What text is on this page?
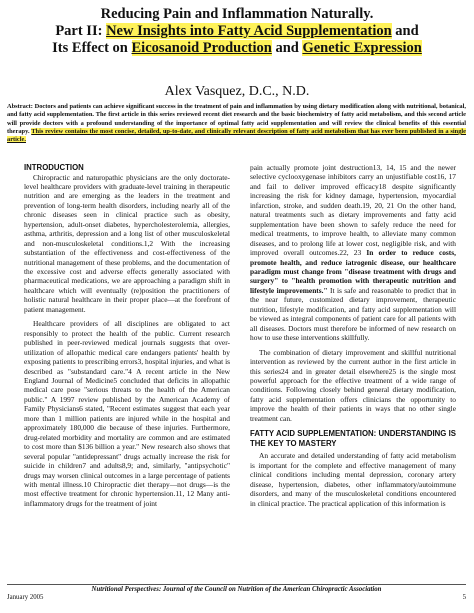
Reducing Pain and Inflammation Naturally.
Part II: New Insights into Fatty Acid Supplementation and
Its Effect on Eicosanoid Production and Genetic Expression
Alex Vasquez, D.C., N.D.
Abstract: Doctors and patients can achieve significant success in the treatment of pain and inflammation by using dietary modification along with nutritional, botanical, and fatty acid supplementation. The first article in this series reviewed recent diet research and the basic biochemistry of fatty acid metabolism, and this second article will provide doctors with a profound understanding of the importance of optimal fatty acid supplementation and will review the clinical benefits of this essential therapy. This review contains the most concise, detailed, up-to-date, and clinically relevant description of fatty acid metabolism that has ever been published in a single article.
INTRODUCTION

Chiropractic and naturopathic physicians are the only doctorate-level healthcare providers with graduate-level training in therapeutic nutrition and are emerging as the leaders in the treatment and prevention of long-term health disorders, including nearly all of the chronic diseases seen in clinical practice such as obesity, hypertension, adult-onset diabetes, hypercholesterolemia, allergies, asthma, arthritis, depression and a long list of other musculoskeletal and non-musculoskeletal conditions.1,2 With the increasing substantiation of the effectiveness and cost-effectiveness of the nutritional management of these problems, and the documentation of the excessive cost and adverse effects generally associated with pharmaceutical medications, we are approaching a paradigm shift in healthcare which will eventually (re)position the practitioners of holistic natural healthcare in their proper place—at the forefront of patient management.

Healthcare providers of all disciplines are obligated to act responsibly to protect the health of the public. Current research published in peer-reviewed medical journals suggests that over-utilization of allopathic medical care endangers patients' health by exposing patients to prescribing errors3, hospital injuries, and what is described as "substandard care."4 A recent article in the New England Journal of Medicine5 concluded that deficits in allopathic medical care pose "serious threats to the health of the American public." A 1997 review published by the American Academy of Family Physicians6 stated, "Recent estimates suggest that each year more than 1 million patients are injured while in the hospital and approximately 180,000 die because of these injuries. Furthermore, drug-related morbidity and mortality are common and are estimated to cost more than $136 billion a year." New research also shows that several popular "antidepressant" drugs actually increase the risk for suicide in children7 and adults8,9; and, similarly, "antipsychotic" drugs may worsen clinical outcomes in a large percentage of patients with mental illness.10 Chiropractic diet therapy—not drugs—is the most effective treatment for chronic hypertension.11, 12 Many anti-inflammatory drugs for the treatment of joint

pain actually promote joint destruction13, 14, 15 and the newer selective cyclooxygenase inhibitors carry an unjustifiable cost16, 17 and fail to deliver improved efficacy18 despite significantly increasing the risk for kidney damage, hypertension, myocardial infarction, stroke, and sudden death.19, 20, 21 On the other hand, natural treatments such as dietary improvements and fatty acid supplementation have been shown to safely reduce the need for medical treatments, to improve health, to alleviate many common diseases, and to prolong life at lower cost, negligible risk, and with improved overall outcomes.22, 23 In order to reduce costs, promote health, and reduce iatrogenic disease, our healthcare paradigm must change from "disease treatment with drugs and surgery" to "health promotion with therapeutic nutrition and lifestyle improvements." It is safe and reasonable to predict that in the near future, customized dietary improvement, therapeutic nutrition, lifestyle modification, and fatty acid supplementation will be viewed as integral components of patient care for all patients with all diseases. Doctors must therefore be informed of new research on how to use these interventions skillfully.

The combination of dietary improvement and skillful nutritional intervention as reviewed by the current author in the first article in this series24 and in greater detail elsewhere25 is the single most powerful approach for the effective treatment of a wide range of conditions. Following closely behind general dietary modification, fatty acid supplementation offers clinicians the opportunity to improve the health of their patients in ways that no other single treatment can.

FATTY ACID SUPPLEMENTATION: UNDERSTANDING IS THE KEY TO MASTERY

An accurate and detailed understanding of fatty acid metabolism is important for the complete and effective management of many clinical conditions including mental depression, coronary artery disease, hypertension, diabetes, other inflammatory/autoimmune disorders, and many of the musculoskeletal conditions encountered in clinical practice. The practical application of this information is

Nutritional Perspectives: Journal of the Council on Nutrition of the American Chiropractic Association
January 2005	5
